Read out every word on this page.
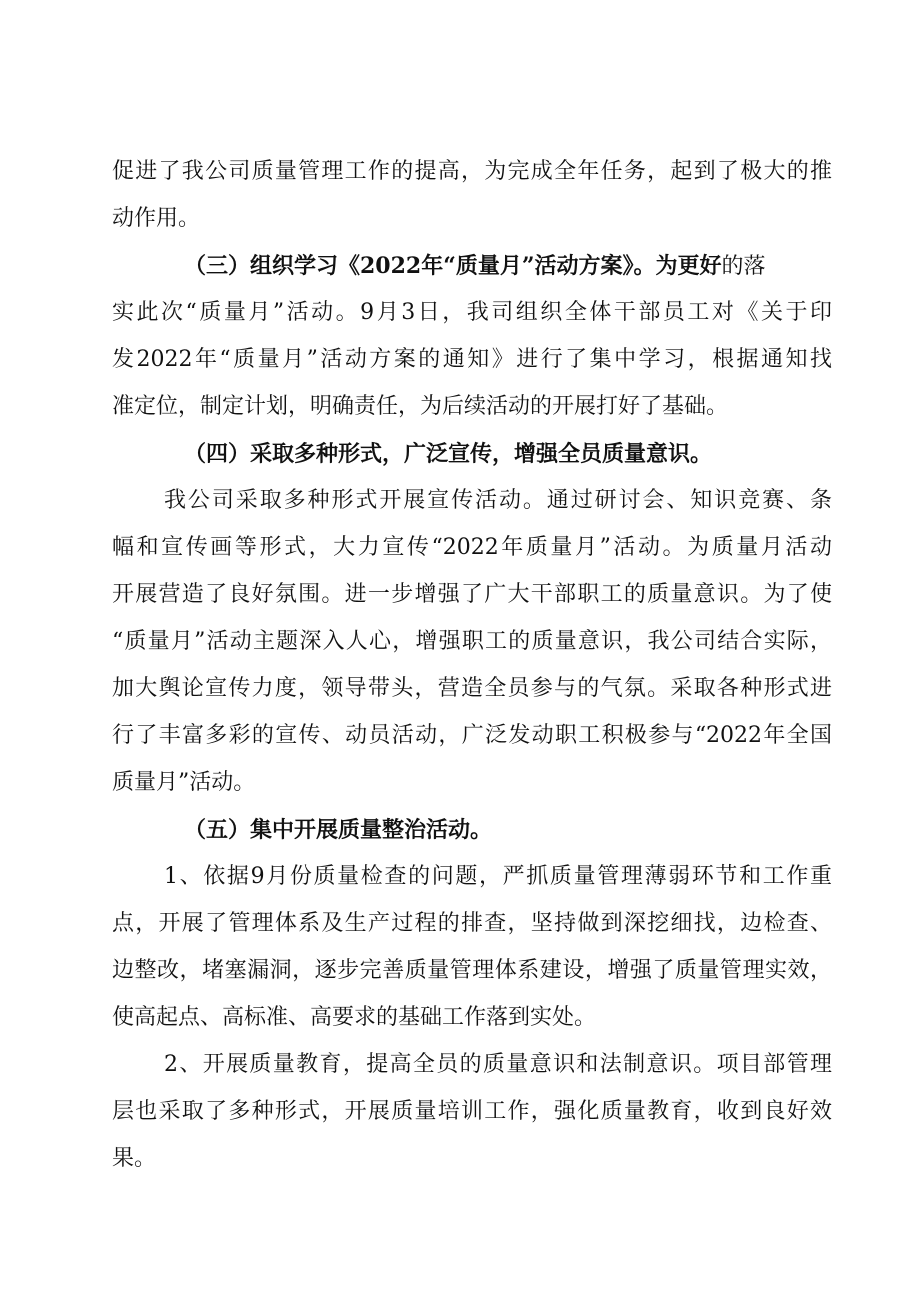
促进了我公司质量管理工作的提高，为完成全年任务，起到了极大的推
动作用。
（三）组织学习《2022年“质量月”活动方案》。为更好的落
实此次“质量月”活动。9月3日，我司组织全体干部员工对《关于印
发2022年“质量月”活动方案的通知》进行了集中学习，根据通知找
准定位，制定计划，明确责任，为后续活动的开展打好了基础。
（四）采取多种形式，广泛宣传，增强全员质量意识。
我公司采取多种形式开展宣传活动。通过研讨会、知识竞赛、条
幅和宣传画等形式，大力宣传“2022年质量月”活动。为质量月活动
开展营造了良好氛围。进一步增强了广大干部职工的质量意识。为了使
“质量月”活动主题深入人心，增强职工的质量意识，我公司结合实际，
加大舆论宣传力度，领导带头，营造全员参与的气氛。采取各种形式进
行了丰富多彩的宣传、动员活动，广泛发动职工积极参与“2022年全国
质量月”活动。
（五）集中开展质量整治活动。
1、依据9月份质量检查的问题，严抓质量管理薄弱环节和工作重
点，开展了管理体系及生产过程的排查，坚持做到深挖细找，边检查、
边整改，堵塞漏洞，逐步完善质量管理体系建设，增强了质量管理实效，
使高起点、高标准、高要求的基础工作落到实处。
2、开展质量教育，提高全员的质量意识和法制意识。项目部管理
层也采取了多种形式，开展质量培训工作，强化质量教育，收到良好效
果。
